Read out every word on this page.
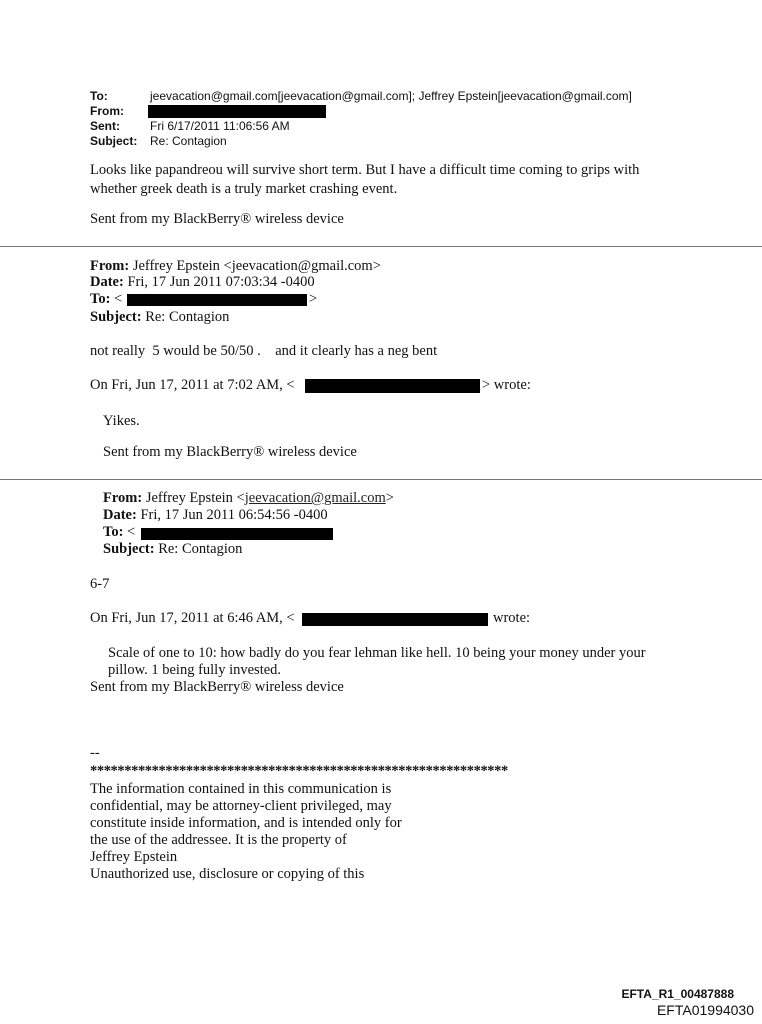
To:	jeevacation@gmail.com[jeevacation@gmail.com]; Jeffrey Epstein[jeevacation@gmail.com]
From:
Sent:	Fri 6/17/2011 11:06:56 AM
Subject: Re: Contagion
Looks like papandreou will survive short term. But I have a difficult time coming to grips with
whether greek death is a truly market crashing event.
Sent from my BlackBerry® wireless device
From: Jeffrey Epstein <jeevacation@gmail.com>
Date: Fri, 17 Jun 2011 07:03:34 -0400
To: <	>
Subject: Re: Contagion
not really  5 would be 50/50 .    and it clearly has a neg bent
On Fri, Jun 17, 2011 at 7:02 AM, <	> wrote:
Yikes.
Sent from my BlackBerry® wireless device
From: Jeffrey Epstein <jeevacation@gmail.com>
Date: Fri, 17 Jun 2011 06:54:56 -0400
To: <
Subject: Re: Contagion
6-7
On Fri, Jun 17, 2011 at 6:46 AM, <	wrote:
Scale of one to 10: how badly do you fear lehman like hell. 10 being your money under your
pillow. 1 being fully invested.
Sent from my BlackBerry® wireless device
--
*************************************************************
The information contained in this communication is
confidential, may be attorney-client privileged, may
constitute inside information, and is intended only for
the use of the addressee. It is the property of
Jeffrey Epstein
Unauthorized use, disclosure or copying of this
EFTA_R1_00487888
EFTA01994030
